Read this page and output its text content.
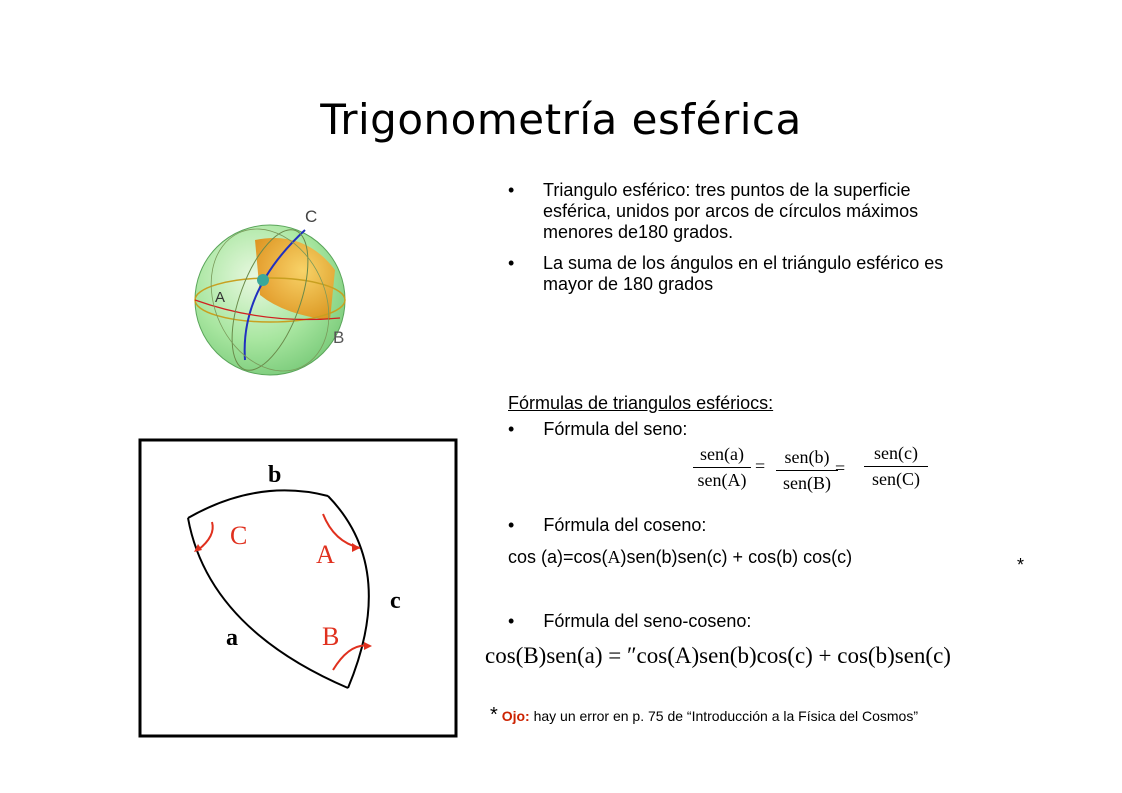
Trigonometría esférica
C
A
B
b
c
a
C
A
B
• Triangulo esférico: tres puntos de la superficie esférica, unidos por arcos de círculos máximos menores de180 grados.
• La suma de los ángulos en el triángulo esférico es mayor de 180 grados
Fórmulas de triangulos esfériocs:
• Fórmula del seno:
sen(a)
sen(A)
=	sen(b)
sen(B)
=
sen(c)
sen(C)
• Fórmula del coseno:
cos (a)=cos(A)sen(b)sen(c) + cos(b) cos(c)	*
• Fórmula del seno-coseno:
cos(B)sen(a) = ″cos(A)sen(b)cos(c) + cos(b)sen(c)
* Ojo: hay un error en p. 75 de “Introducción a la Física del Cosmos”
